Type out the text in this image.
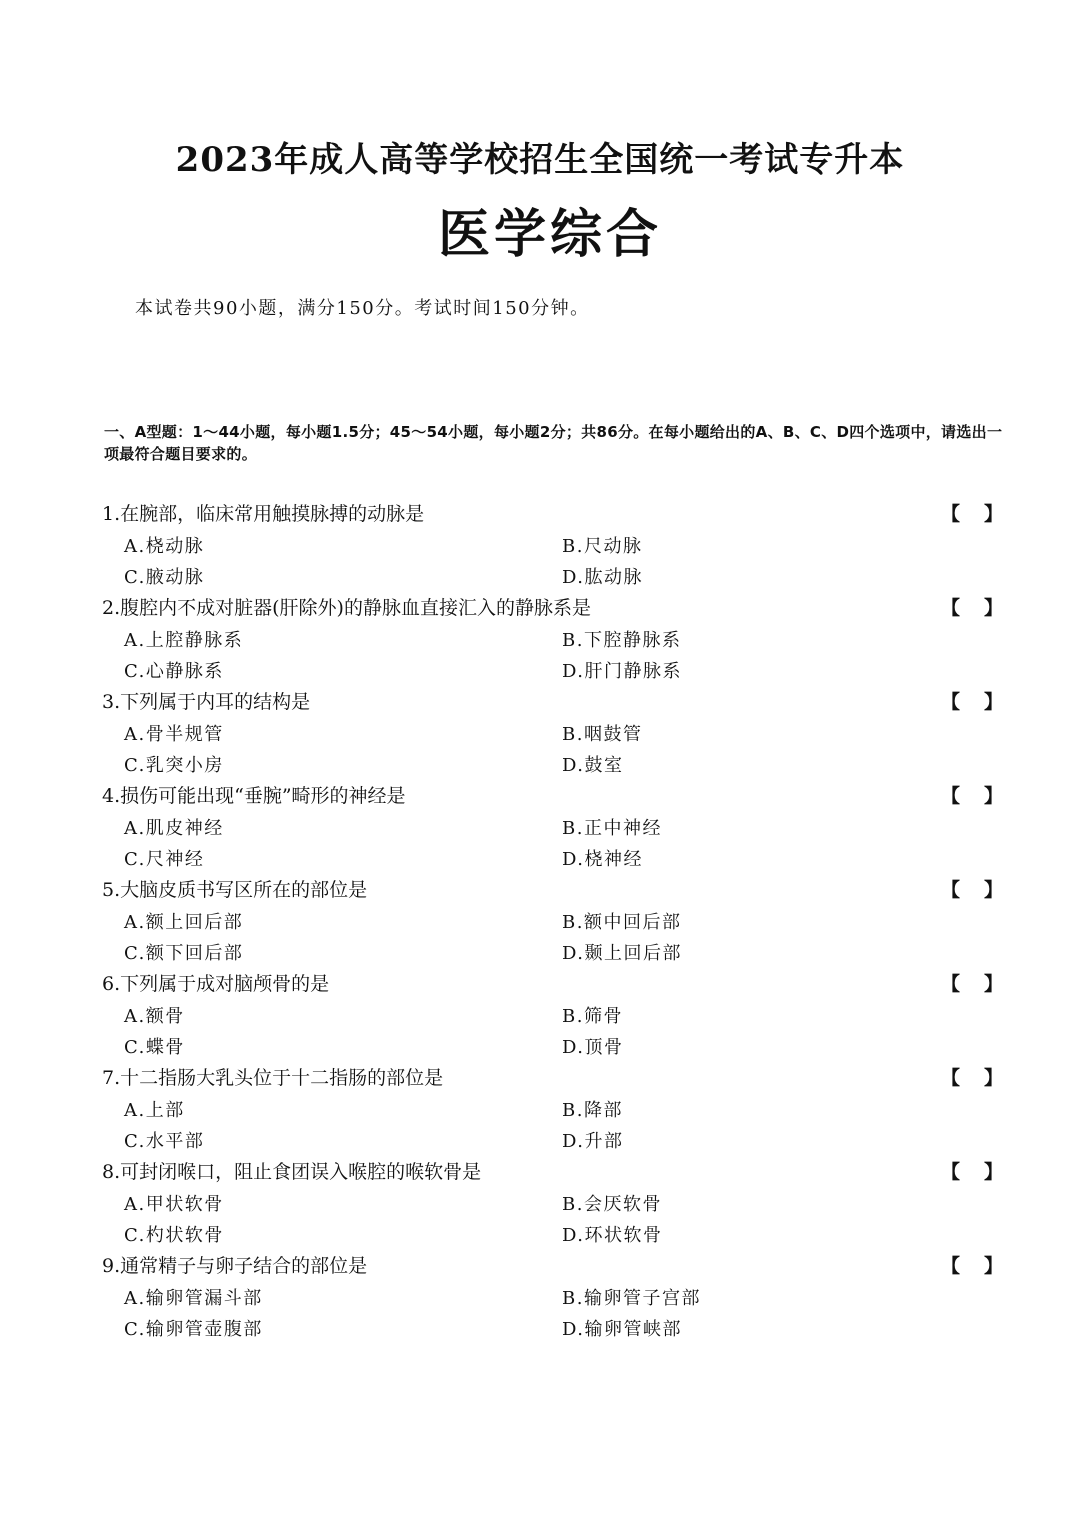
2023年成人高等学校招生全国统一考试专升本
医学综合
本试卷共90小题，满分150分。考试时间150分钟。
一、A型题：1～44小题，每小题1.5分；45～54小题，每小题2分；共86分。在每小题给出的A、B、C、D四个选项中，请选出一项最符合题目要求的。
1.在腕部，临床常用触摸脉搏的动脉是	【 】
A.桡动脉	B.尺动脉
C.腋动脉	D.肱动脉
2.腹腔内不成对脏器(肝除外)的静脉血直接汇入的静脉系是	【 】
A.上腔静脉系	B.下腔静脉系
C.心静脉系	D.肝门静脉系
3.下列属于内耳的结构是	【 】
A.骨半规管	B.咽鼓管
C.乳突小房	D.鼓室
4.损伤可能出现“垂腕”畸形的神经是	【 】
A.肌皮神经	B.正中神经
C.尺神经	D.桡神经
5.大脑皮质书写区所在的部位是	【 】
A.额上回后部	B.额中回后部
C.额下回后部	D.颞上回后部
6.下列属于成对脑颅骨的是	【 】
A.额骨	B.筛骨
C.蝶骨	D.顶骨
7.十二指肠大乳头位于十二指肠的部位是	【 】
A.上部	B.降部
C.水平部	D.升部
8.可封闭喉口，阻止食团误入喉腔的喉软骨是	【 】
A.甲状软骨	B.会厌软骨
C.杓状软骨	D.环状软骨
9.通常精子与卵子结合的部位是	【 】
A.输卵管漏斗部	B.输卵管子宫部
C.输卵管壶腹部	D.输卵管峡部
